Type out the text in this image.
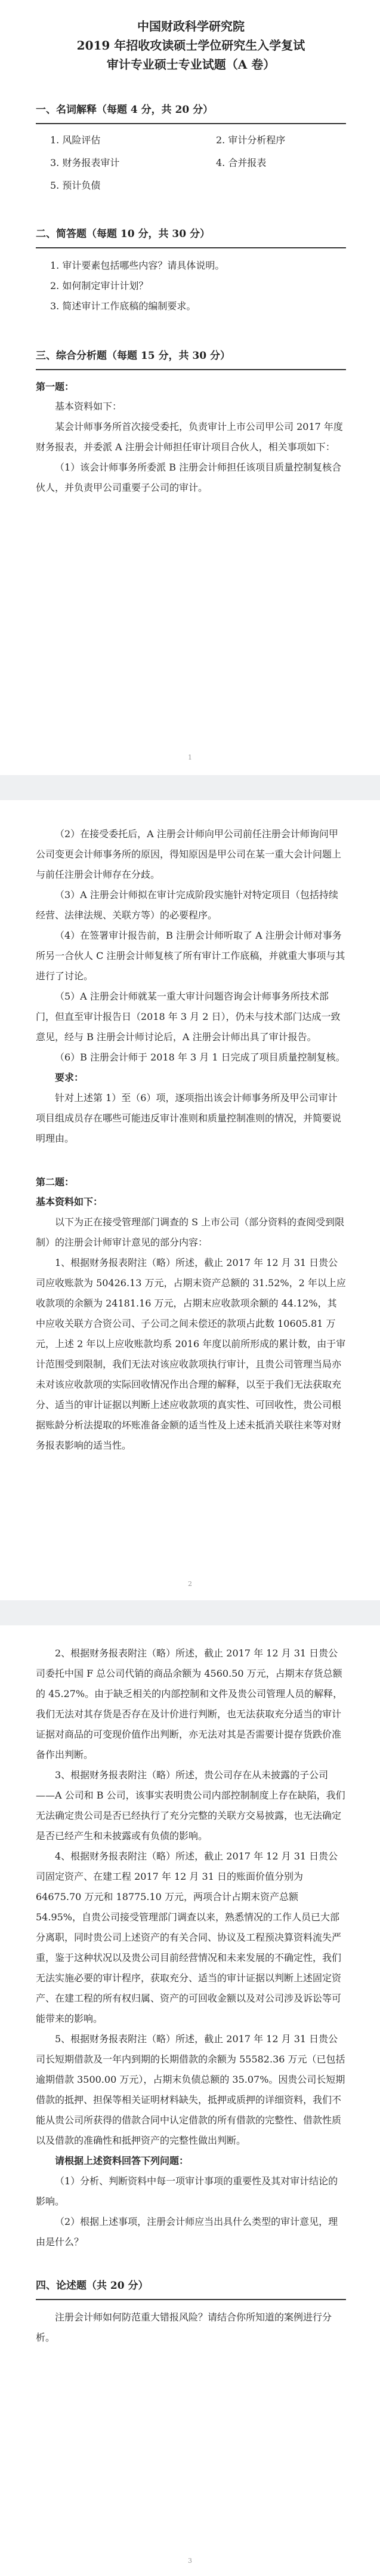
中国财政科学研究院

2019 年招收攻读硕士学位研究生入学复试

审计专业硕士专业试题（A 卷）

一、名词解释（每题 4 分，共 20 分）

1. 风险评估	2. 审计分析程序
3. 财务报表审计	4. 合并报表
5. 预计负债

二、简答题（每题 10 分，共 30 分）

1. 审计要素包括哪些内容？请具体说明。
2. 如何制定审计计划？
3. 简述审计工作底稿的编制要求。

三、综合分析题（每题 15 分，共 30 分）

第一题：

基本资料如下：

某会计师事务所首次接受委托，负责审计上市公司甲公司 2017 年度财务报表，并委派 A 注册会计师担任审计项目合伙人，相关事项如下：

（1）该会计师事务所委派 B 注册会计师担任该项目质量控制复核合伙人，并负责甲公司重要子公司的审计。

1

（2）在接受委托后，A 注册会计师向甲公司前任注册会计师询问甲公司变更会计师事务所的原因，得知原因是甲公司在某一重大会计问题上与前任注册会计师存在分歧。

（3）A 注册会计师拟在审计完成阶段实施针对特定项目（包括持续经营、法律法规、关联方等）的必要程序。

（4）在签署审计报告前，B 注册会计师听取了 A 注册会计师对事务所另一合伙人 C 注册会计师复核了所有审计工作底稿，并就重大事项与其进行了讨论。

（5）A 注册会计师就某一重大审计问题咨询会计师事务所技术部门，但直至审计报告日（2018 年 3 月 2 日），仍未与技术部门达成一致意见，经与 B 注册会计师讨论后，A 注册会计师出具了审计报告。

（6）B 注册会计师于 2018 年 3 月 1 日完成了项目质量控制复核。

要求：

针对上述第 1）至（6）项，逐项指出该会计师事务所及甲公司审计项目组成员存在哪些可能违反审计准则和质量控制准则的情况，并简要说明理由。

第二题：

基本资料如下：

以下为正在接受管理部门调查的 S 上市公司（部分资料的查阅受到限制）的注册会计师审计意见的部分内容：

1、根据财务报表附注（略）所述，截止 2017 年 12 月 31 日贵公司应收账款为 50426.13 万元，占期末资产总额的 31.52%，2 年以上应收款项的余额为 24181.16 万元，占期末应收款项余额的 44.12%，其中应收关联方合资公司、子公司之间未偿还的款项占此数 10605.81 万元，上述 2 年以上应收账款均系 2016 年度以前所形成的累计数，由于审计范围受到限制，我们无法对该应收款项执行审计，且贵公司管理当局亦未对该应收款项的实际回收情况作出合理的解释，以至于我们无法获取充分、适当的审计证据以判断上述应收款项的真实性、可回收性，贵公司根据账龄分析法提取的坏账准备金额的适当性及上述未抵消关联往来等对财务报表影响的适当性。

2

2、根据财务报表附注（略）所述，截止 2017 年 12 月 31 日贵公司委托中国 F 总公司代销的商品余额为 4560.50 万元，占期末存货总额的 45.27%。由于缺乏相关的内部控制和文件及贵公司管理人员的解释，我们无法对其存货是否存在及计价进行判断，也无法获取充分适当的审计证据对商品的可变现价值作出判断，亦无法对其是否需要计提存货跌价准备作出判断。

3、根据财务报表附注（略）所述，贵公司存在从未披露的子公司——A 公司和 B 公司，该事实表明贵公司内部控制制度上存在缺陷，我们无法确定贵公司是否已经执行了充分完整的关联方交易披露，也无法确定是否已经产生和未披露或有负债的影响。

4、根据财务报表附注（略）所述，截止 2017 年 12 月 31 日贵公司固定资产、在建工程 2017 年 12 月 31 日的账面价值分别为 64675.70 万元和 18775.10 万元，两项合计占期末资产总额 54.95%，自贵公司接受管理部门调查以来，熟悉情况的工作人员已大部分离职，同时贵公司上述资产的有关合同、协议及工程预决算资料流失严重，鉴于这种状况以及贵公司目前经营情况和未来发展的不确定性，我们无法实施必要的审计程序，获取充分、适当的审计证据以判断上述固定资产、在建工程的所有权归属、资产的可回收金额以及对公司涉及诉讼等可能带来的影响。

5、根据财务报表附注（略）所述，截止 2017 年 12 月 31 日贵公司长短期借款及一年内到期的长期借款的余额为 55582.36 万元（已包括逾期借款 3500.00 万元），占期末负债总额的 35.07%。因贵公司长短期借款的抵押、担保等相关证明材料缺失，抵押或质押的详细资料，我们不能从贵公司所获得的借款合同中认定借款的所有借款的完整性、借款性质以及借款的准确性和抵押资产的完整性做出判断。

请根据上述资料回答下列问题：

（1）分析、判断资料中每一项审计事项的重要性及其对审计结论的影响。

（2）根据上述事项，注册会计师应当出具什么类型的审计意见，理由是什么？

四、论述题（共 20 分）

注册会计师如何防范重大错报风险？请结合你所知道的案例进行分析。

3
